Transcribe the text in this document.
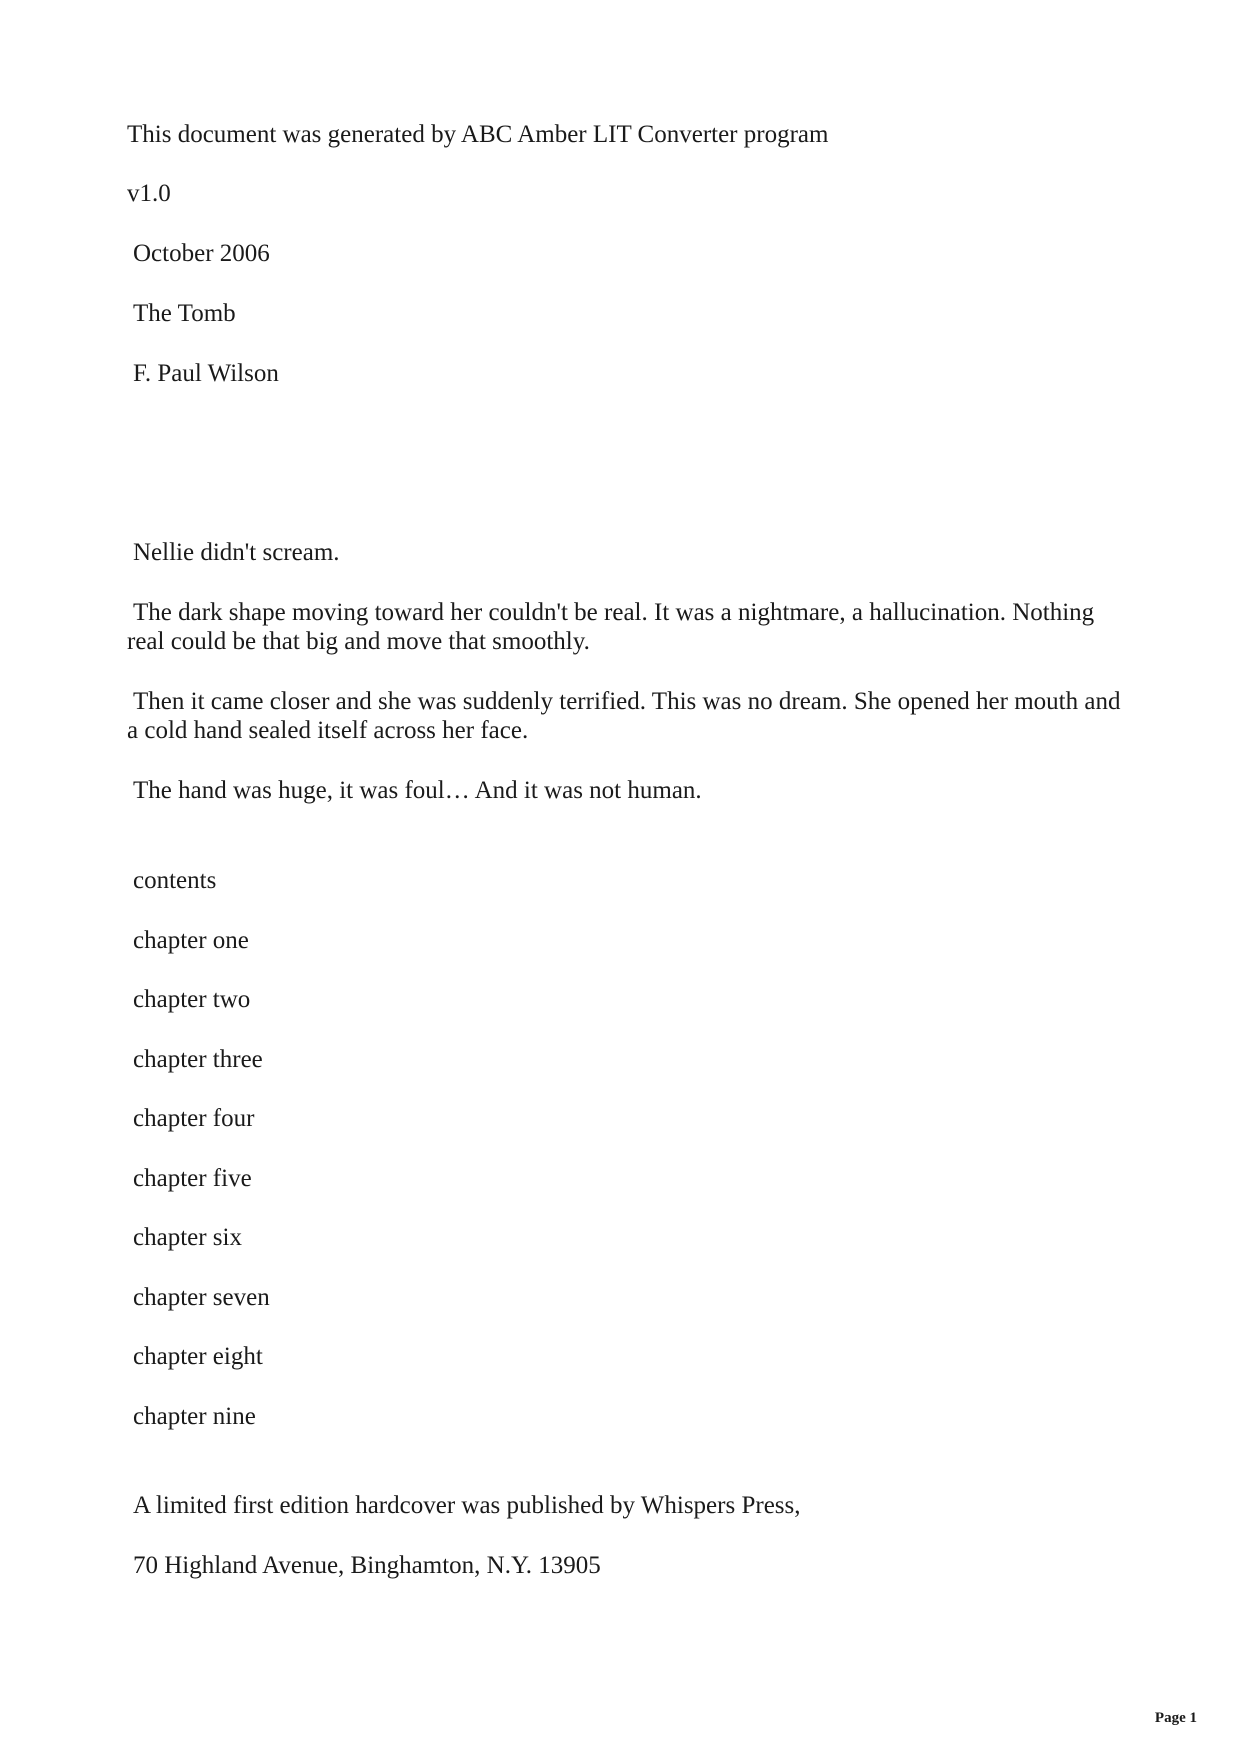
This document was generated by ABC Amber LIT Converter program

v1.0

October 2006

The Tomb

F. Paul Wilson

Nellie didn't scream.

The dark shape moving toward her couldn't be real. It was a nightmare, a hallucination. Nothing real could be that big and move that smoothly.

Then it came closer and she was suddenly terrified. This was no dream. She opened her mouth and a cold hand sealed itself across her face.

The hand was huge, it was foul… And it was not human.

contents

chapter one

chapter two

chapter three

chapter four

chapter five

chapter six

chapter seven

chapter eight

chapter nine

A limited first edition hardcover was published by Whispers Press,

70 Highland Avenue, Binghamton, N.Y. 13905

Page 1
